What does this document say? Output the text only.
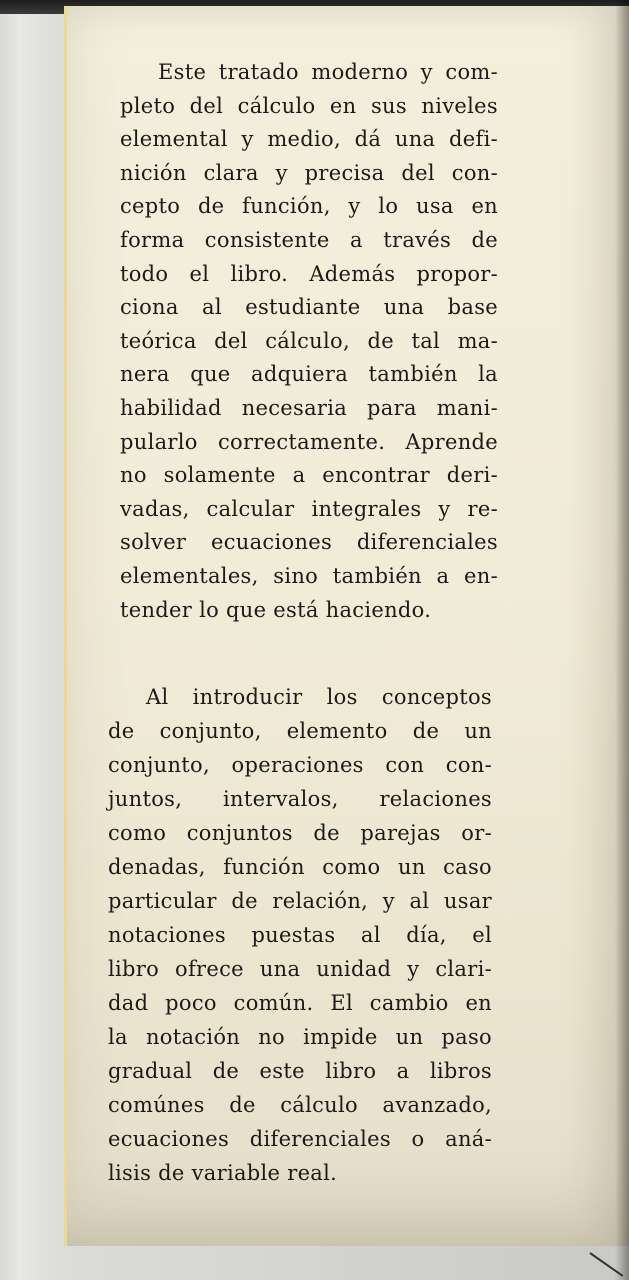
Este tratado moderno y com-
pleto del cálculo en sus niveles
elemental y medio, dá una defi-
nición clara y precisa del con-
cepto de función, y lo usa en
forma consistente a través de
todo el libro. Además propor-
ciona al estudiante una base
teórica del cálculo, de tal ma-
nera que adquiera también la
habilidad necesaria para mani-
pularlo correctamente. Aprende
no solamente a encontrar deri-
vadas, calcular integrales y re-
solver ecuaciones diferenciales
elementales, sino también a en-
tender lo que está haciendo.
Al introducir los conceptos
de conjunto, elemento de un
conjunto, operaciones con con-
juntos, intervalos, relaciones
como conjuntos de parejas or-
denadas, función como un caso
particular de relación, y al usar
notaciones puestas al día, el
libro ofrece una unidad y clari-
dad poco común. El cambio en
la notación no impide un paso
gradual de este libro a libros
comúnes de cálculo avanzado,
ecuaciones diferenciales o aná-
lisis de variable real.
